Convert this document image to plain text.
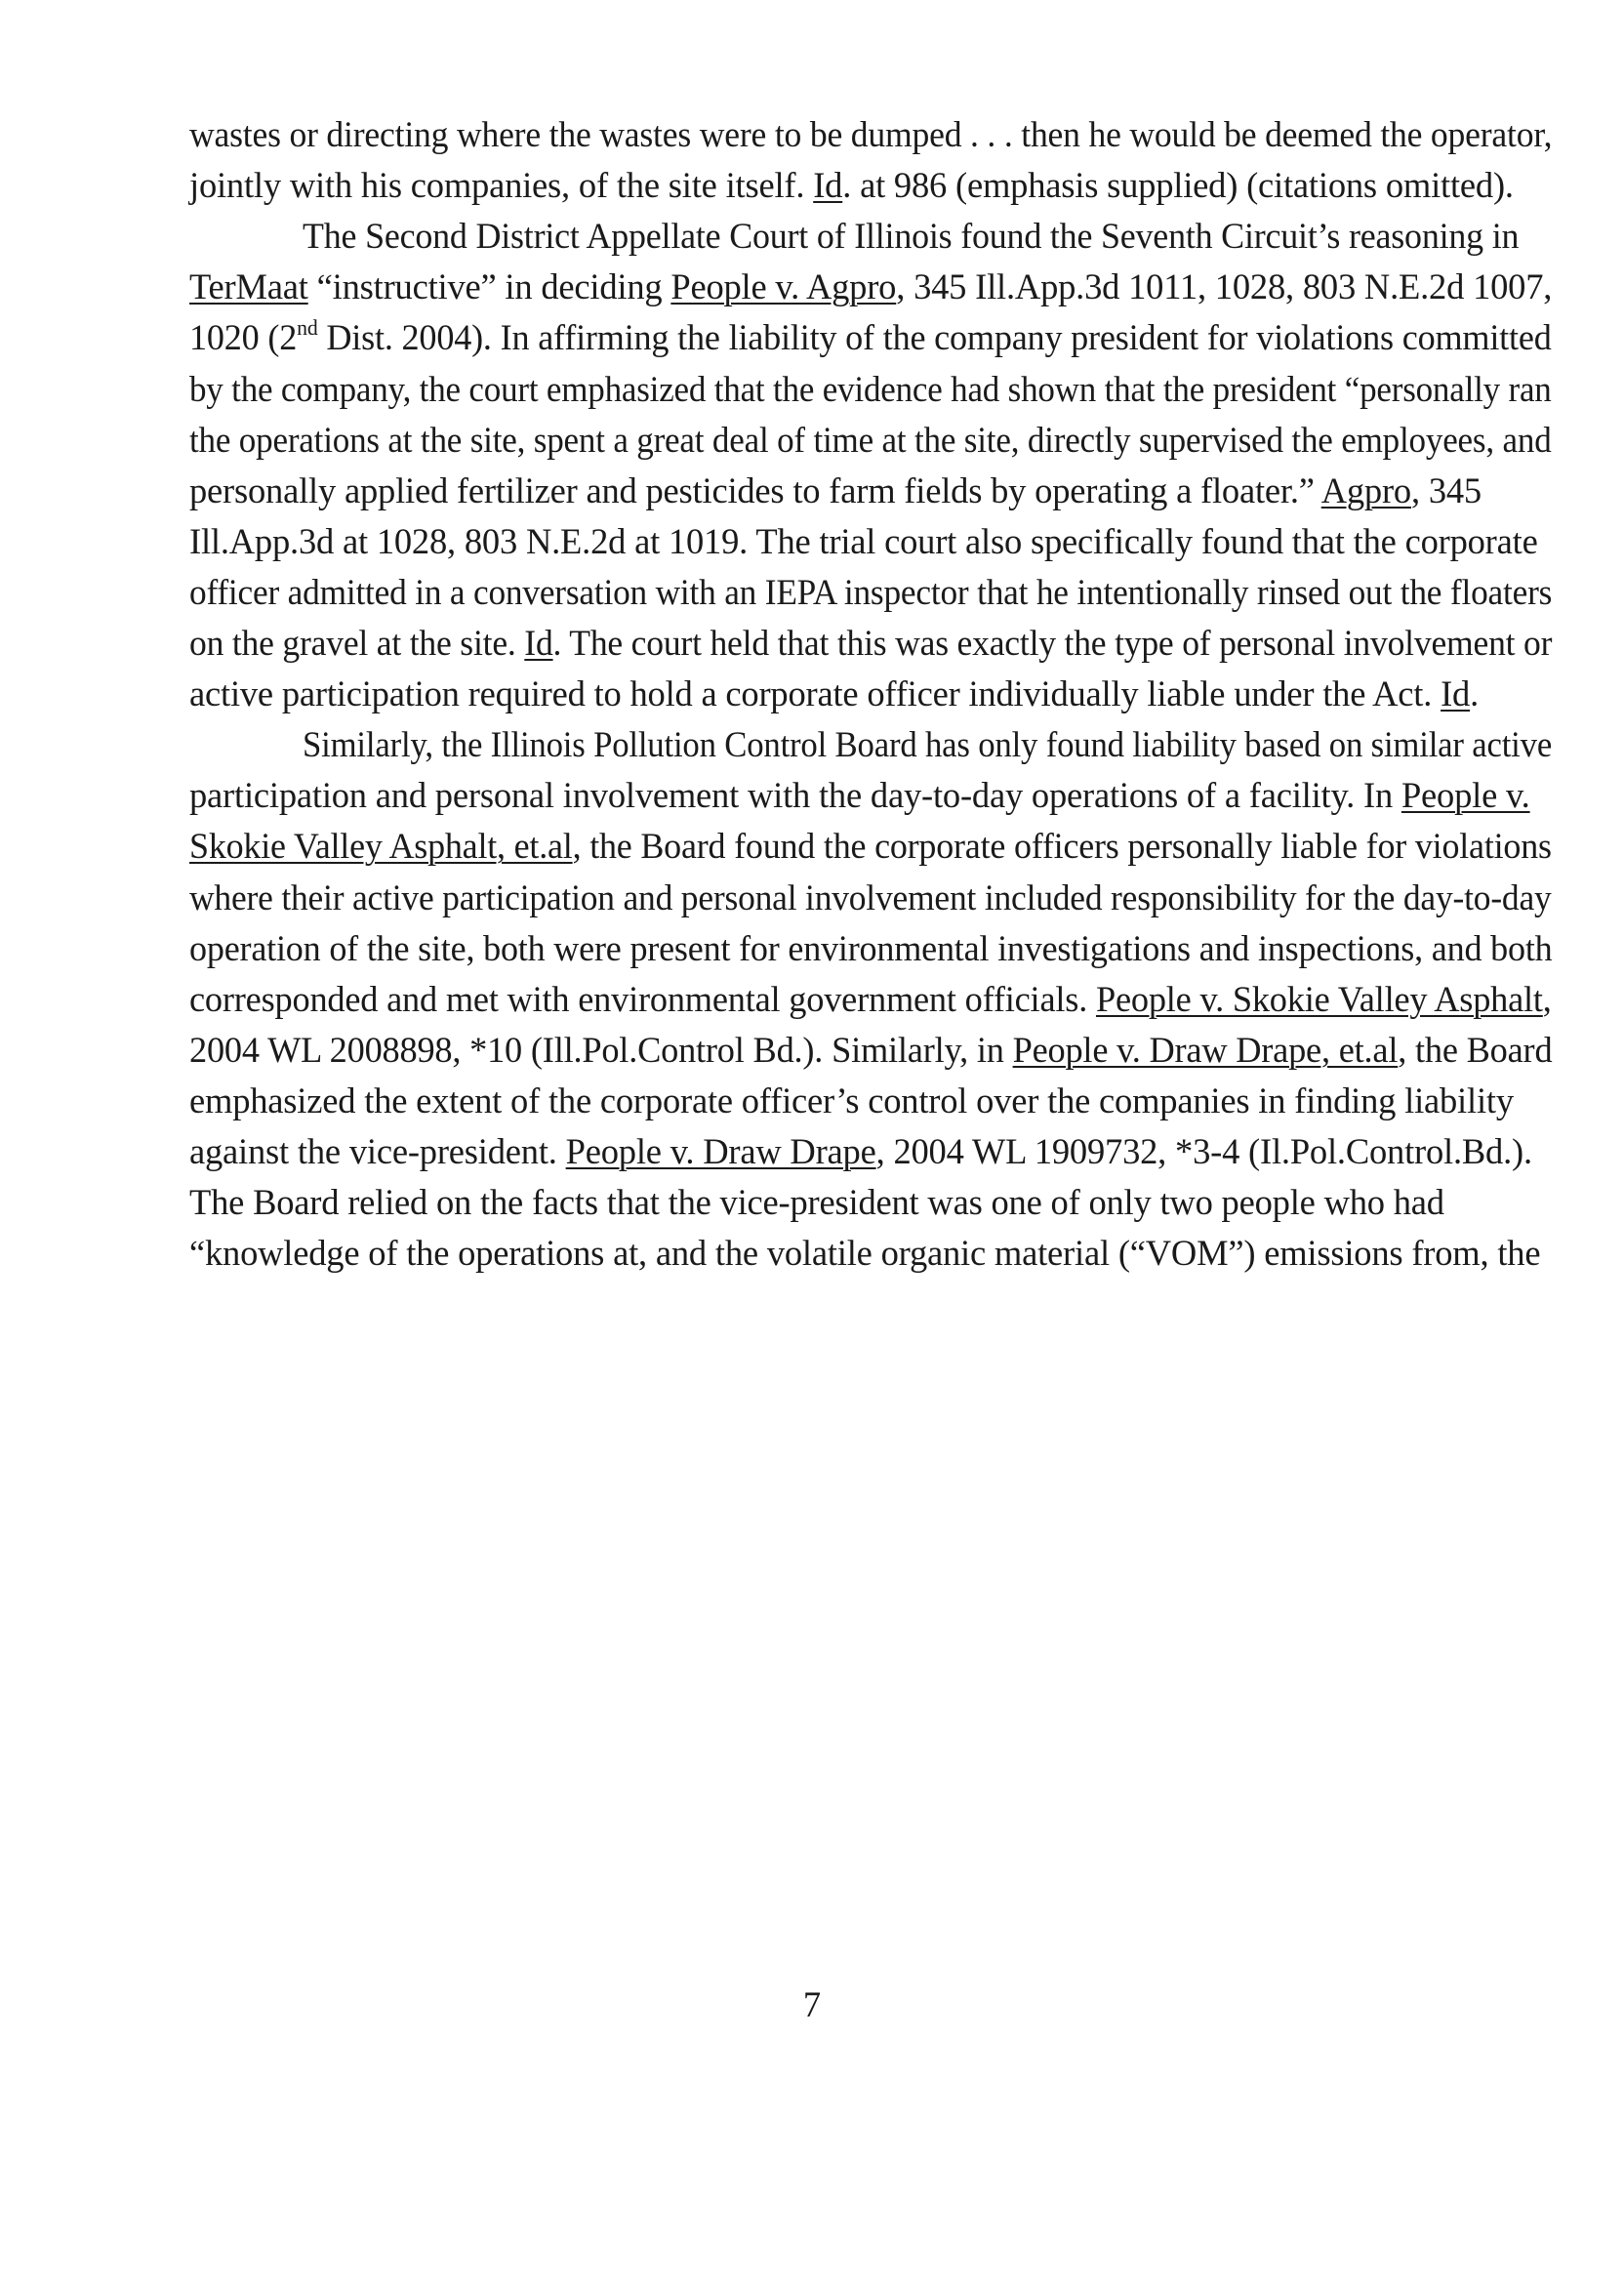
wastes or directing where the wastes were to be dumped . . . then he would be deemed the operator,
jointly with his companies, of the site itself. Id. at 986 (emphasis supplied) (citations omitted).
The Second District Appellate Court of Illinois found the Seventh Circuit’s reasoning in
TerMaat “instructive” in deciding People v. Agpro, 345 Ill.App.3d 1011, 1028, 803 N.E.2d 1007,
1020 (2nd Dist. 2004). In affirming the liability of the company president for violations committed
by the company, the court emphasized that the evidence had shown that the president “personally ran
the operations at the site, spent a great deal of time at the site, directly supervised the employees, and
personally applied fertilizer and pesticides to farm fields by operating a floater.” Agpro, 345
Ill.App.3d at 1028, 803 N.E.2d at 1019. The trial court also specifically found that the corporate
officer admitted in a conversation with an IEPA inspector that he intentionally rinsed out the floaters
on the gravel at the site. Id. The court held that this was exactly the type of personal involvement or
active participation required to hold a corporate officer individually liable under the Act. Id.
Similarly, the Illinois Pollution Control Board has only found liability based on similar active
participation and personal involvement with the day-to-day operations of a facility. In People v.
Skokie Valley Asphalt, et.al, the Board found the corporate officers personally liable for violations
where their active participation and personal involvement included responsibility for the day-to-day
operation of the site, both were present for environmental investigations and inspections, and both
corresponded and met with environmental government officials. People v. Skokie Valley Asphalt,
2004 WL 2008898, *10 (Ill.Pol.Control Bd.). Similarly, in People v. Draw Drape, et.al, the Board
emphasized the extent of the corporate officer’s control over the companies in finding liability
against the vice-president. People v. Draw Drape, 2004 WL 1909732, *3-4 (Il.Pol.Control.Bd.).
The Board relied on the facts that the vice-president was one of only two people who had
“knowledge of the operations at, and the volatile organic material (“VOM”) emissions from, the
7
